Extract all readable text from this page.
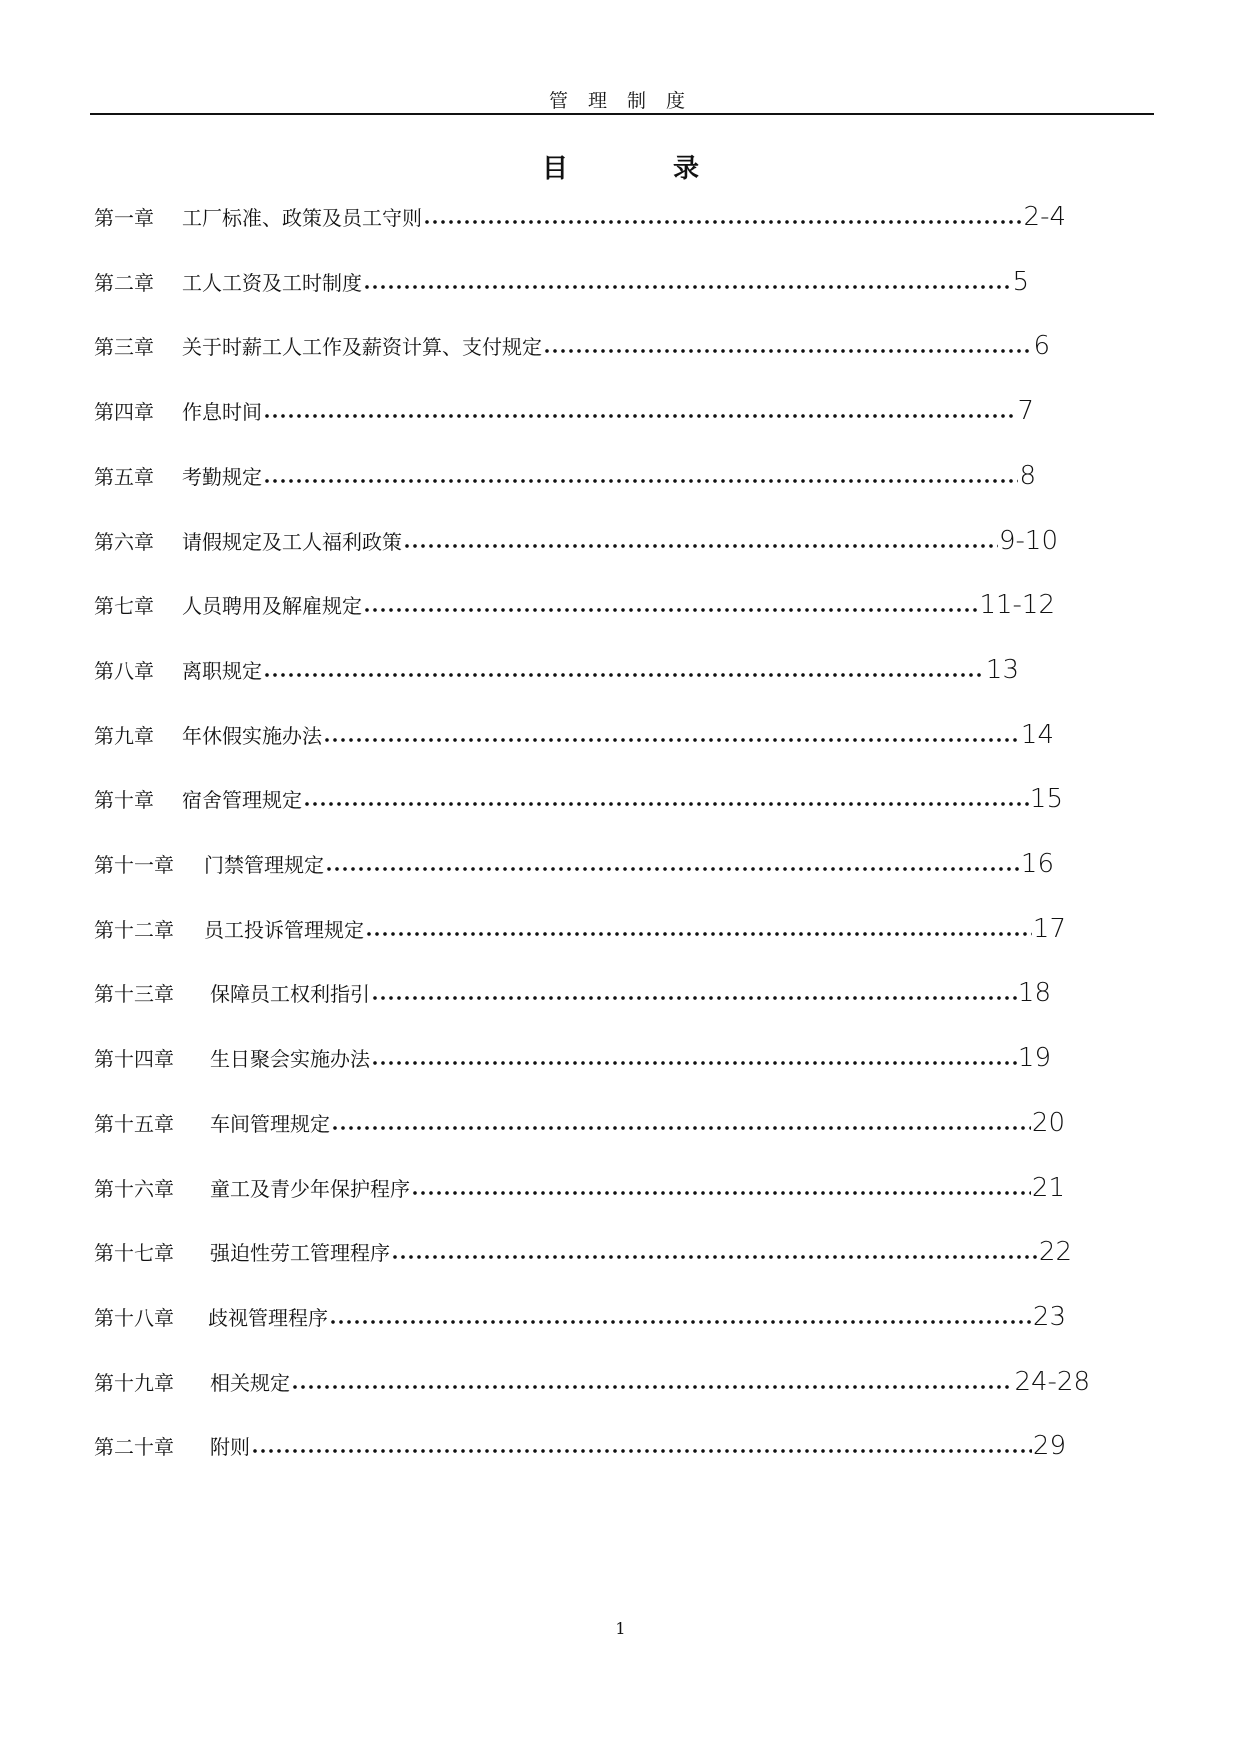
管 理 制 度
目	录
第一章	工厂标准、政策及员工守则	2-4
第二章	工人工资及工时制度	5
第三章	关于时薪工人工作及薪资计算、支付规定	6
第四章	作息时间	7
第五章	考勤规定	8
第六章	请假规定及工人福利政策	9-10
第七章	人员聘用及解雇规定	11-12
第八章	离职规定	13
第九章	年休假实施办法	14
第十章	宿舍管理规定	15
第十一章	门禁管理规定	16
第十二章	员工投诉管理规定	17
第十三章	保障员工权利指引	18
第十四章	生日聚会实施办法	19
第十五章	车间管理规定	20
第十六章	童工及青少年保护程序	21
第十七章	强迫性劳工管理程序	22
第十八章	歧视管理程序	23
第十九章	相关规定	24-28
第二十章	附则	29
1
